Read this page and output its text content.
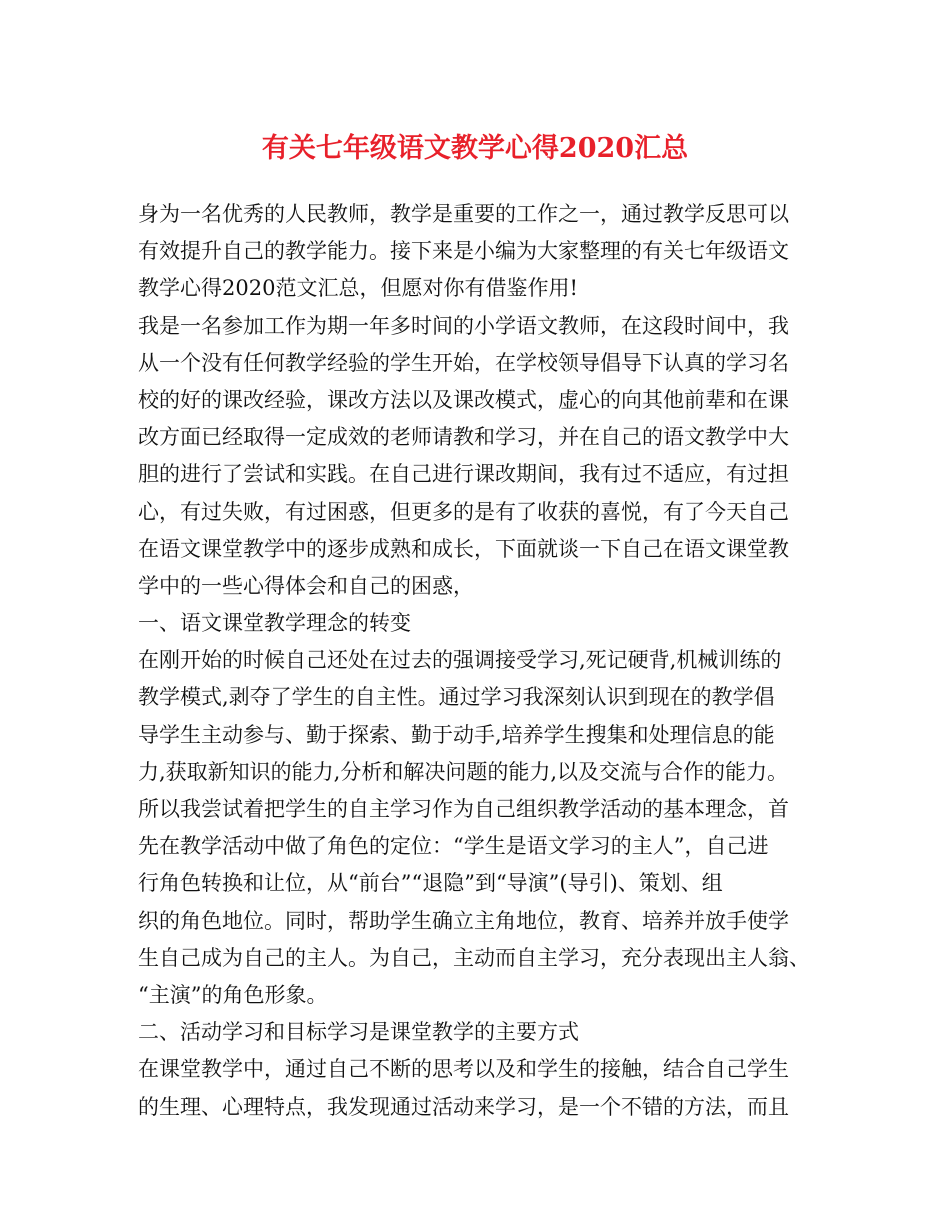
有关七年级语文教学心得2020汇总
身为一名优秀的人民教师，教学是重要的工作之一，通过教学反思可以
有效提升自己的教学能力。接下来是小编为大家整理的有关七年级语文
教学心得2020范文汇总，但愿对你有借鉴作用!
我是一名参加工作为期一年多时间的小学语文教师，在这段时间中，我
从一个没有任何教学经验的学生开始，在学校领导倡导下认真的学习名
校的好的课改经验，课改方法以及课改模式，虚心的向其他前辈和在课
改方面已经取得一定成效的老师请教和学习，并在自己的语文教学中大
胆的进行了尝试和实践。在自己进行课改期间，我有过不适应，有过担
心，有过失败，有过困惑，但更多的是有了收获的喜悦，有了今天自己
在语文课堂教学中的逐步成熟和成长，下面就谈一下自己在语文课堂教
学中的一些心得体会和自己的困惑，
一、语文课堂教学理念的转变
在刚开始的时候自己还处在过去的强调接受学习,死记硬背,机械训练的
教学模式,剥夺了学生的自主性。通过学习我深刻认识到现在的教学倡
导学生主动参与、勤于探索、勤于动手,培养学生搜集和处理信息的能
力,获取新知识的能力,分析和解决问题的能力,以及交流与合作的能力。
所以我尝试着把学生的自主学习作为自己组织教学活动的基本理念，首
先在教学活动中做了角色的定位：“学生是语文学习的主人”，自己进
行角色转换和让位，从“前台”“退隐”到“导演”(导引)、策划、组
织的角色地位。同时，帮助学生确立主角地位，教育、培养并放手使学
生自己成为自己的主人。为自己，主动而自主学习，充分表现出主人翁、
“主演”的角色形象。
二、活动学习和目标学习是课堂教学的主要方式
在课堂教学中，通过自己不断的思考以及和学生的接触，结合自己学生
的生理、心理特点，我发现通过活动来学习，是一个不错的方法，而且
